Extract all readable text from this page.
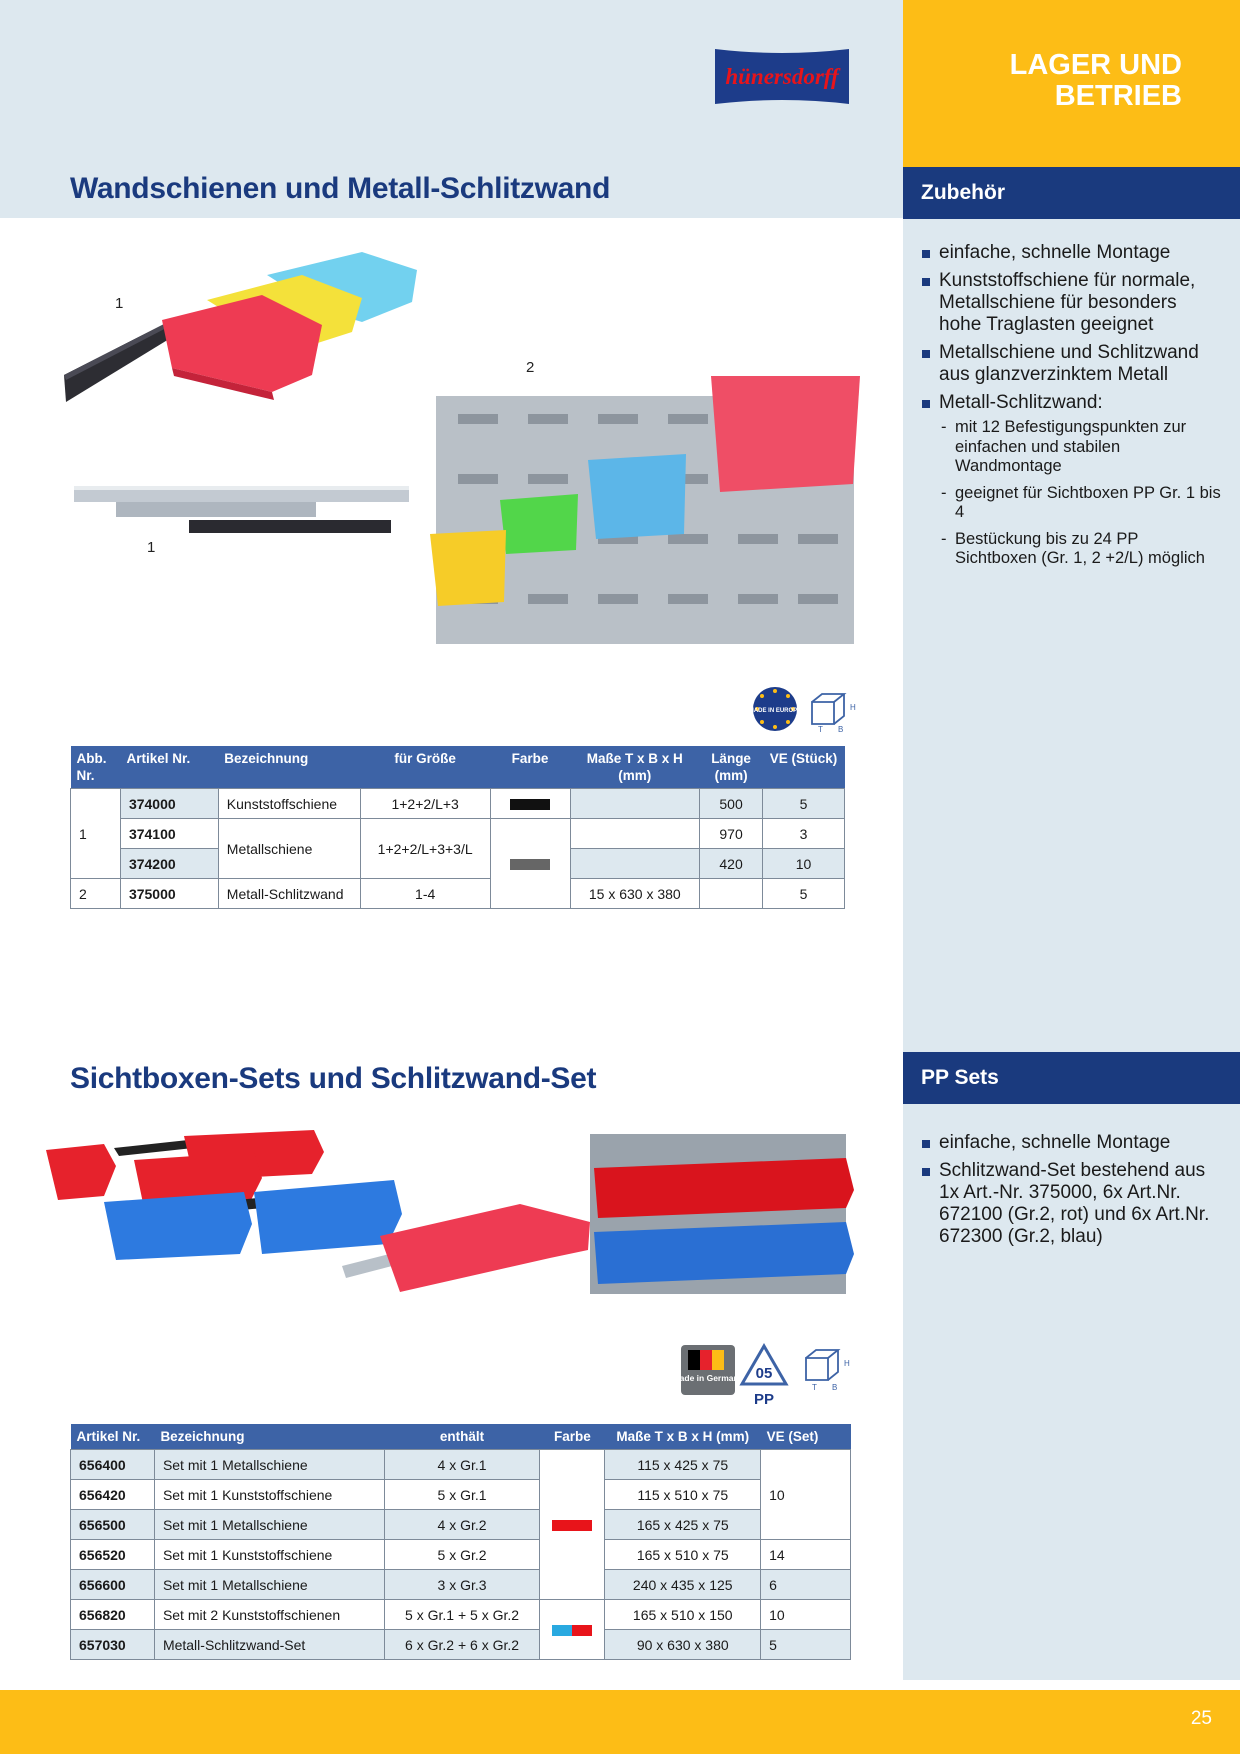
LAGER UND BETRIEB
hünersdorff
Wandschienen und Metall-Schlitzwand	Zubehör
einfache, schnelle Montage
Kunststoffschiene für normale, Metallschiene für besonders hohe Traglasten geeignet
Metallschiene und Schlitzwand aus glanzverzinktem Metall
Metall-Schlitzwand:
- mit 12 Befestigungspunkten zur einfachen und stabilen Wandmontage
- geeignet für Sichtboxen PP Gr. 1 bis 4
- Bestückung bis zu 24 PP Sichtboxen (Gr. 1, 2 +2/L) möglich
1
1
2
MADE IN EUROPE	H
T B
Abb. Nr.	Artikel Nr.	Bezeichnung	für Größe	Farbe	Maße T x B x H (mm)	Länge (mm)	VE (Stück)
1	374000	Kunststoffschiene	1+2+2/L+3			500	5
	374100	Metallschiene	1+2+2/L+3+3/L			970	3
	374200					420	10
2	375000	Metall-Schlitzwand	1-4		15 x 630 x 380		5
Sichtboxen-Sets und Schlitzwand-Set	PP Sets
einfache, schnelle Montage
Schlitzwand-Set bestehend aus 1x Art.-Nr. 375000, 6x Art.Nr. 672100 (Gr.2, rot) und 6x Art.Nr. 672300 (Gr.2, blau)
Made in Germany 05
PP
H
T B
Artikel Nr.	Bezeichnung	enthält	Farbe	Maße T x B x H (mm)	VE (Set)
656400	Set mit 1 Metallschiene	4 x Gr.1		115 x 425 x 75	10
656420	Set mit 1 Kunststoffschiene	5 x Gr.1		115 x 510 x 75	
656500	Set mit 1 Metallschiene	4 x Gr.2		165 x 425 x 75	
656520	Set mit 1 Kunststoffschiene	5 x Gr.2		165 x 510 x 75	14
656600	Set mit 1 Metallschiene	3 x Gr.3		240 x 435 x 125	6
656820	Set mit 2 Kunststoffschienen	5 x Gr.1 + 5 x Gr.2		165 x 510 x 150	10
657030	Metall-Schlitzwand-Set	6 x Gr.2 + 6 x Gr.2		90 x 630 x 380	5
25
